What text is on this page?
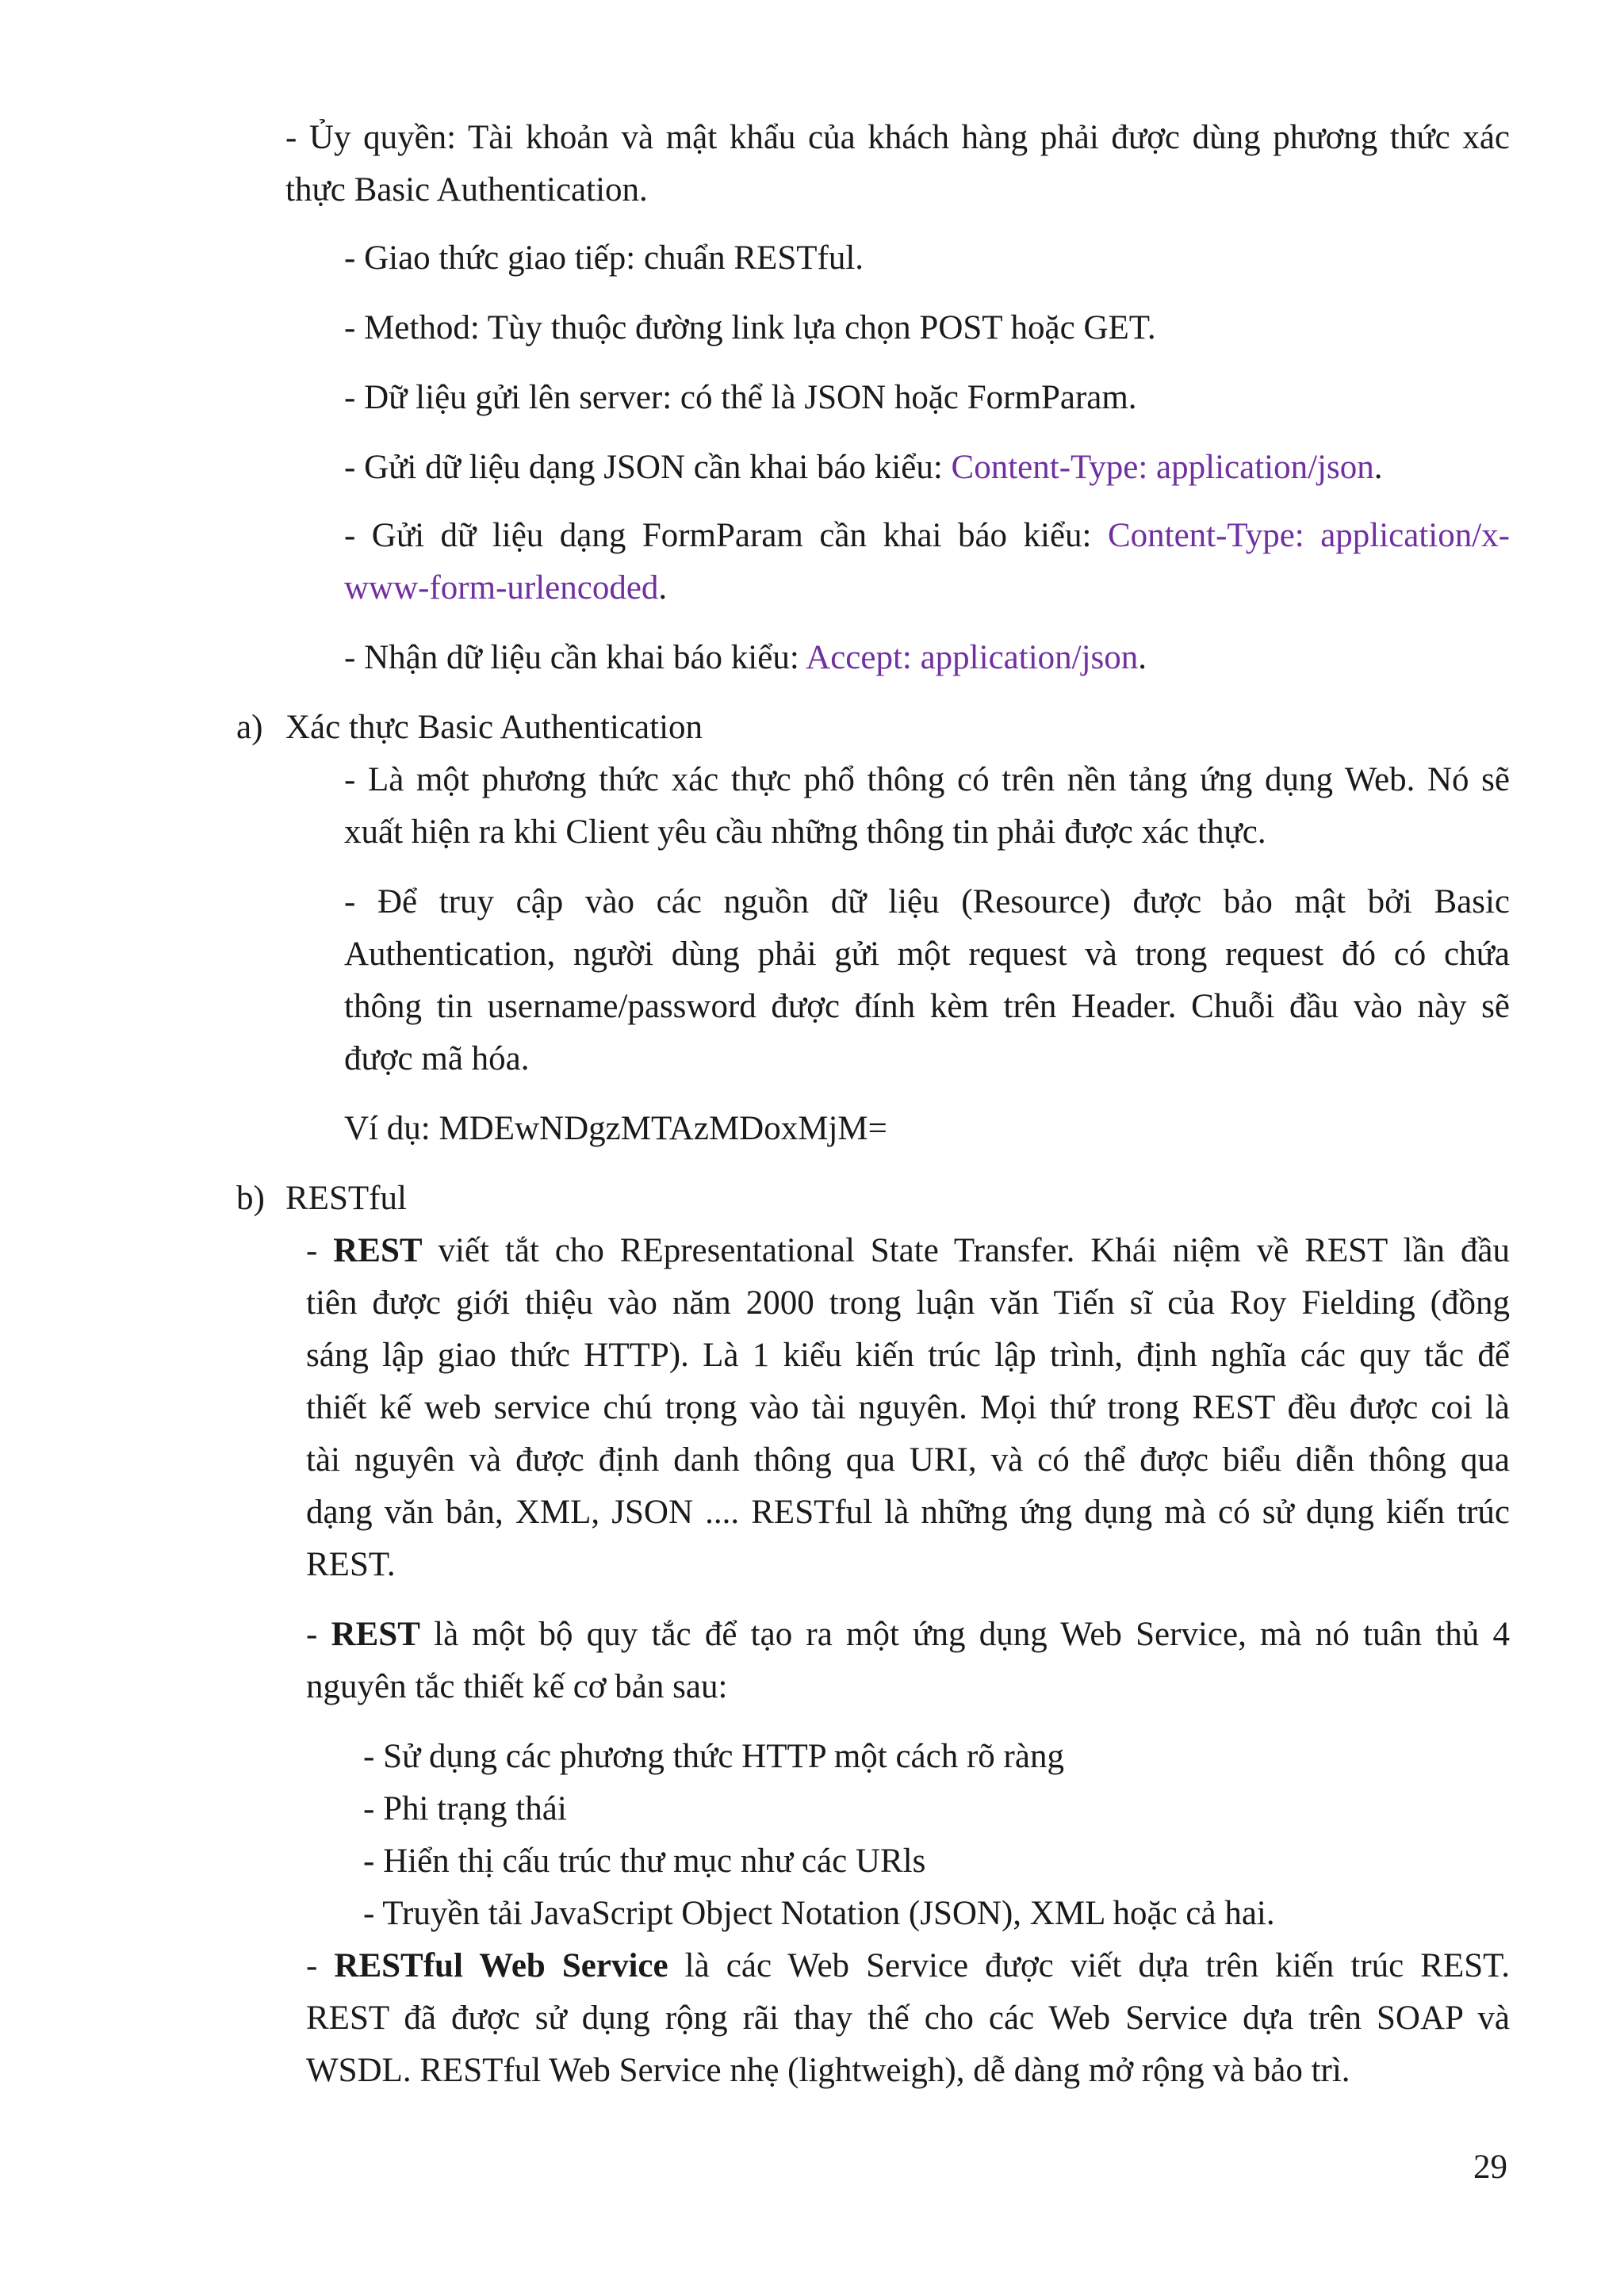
- Ủy quyền: Tài khoản và mật khẩu của khách hàng phải được dùng phương thức xác
thực Basic Authentication.
- Giao thức giao tiếp: chuẩn RESTful.
- Method: Tùy thuộc đường link lựa chọn POST hoặc GET.
- Dữ liệu gửi lên server: có thể là JSON hoặc FormParam.
- Gửi dữ liệu dạng JSON cần khai báo kiểu: Content-Type: application/json.
- Gửi dữ liệu dạng FormParam cần khai báo kiểu: Content-Type: application/x-
www-form-urlencoded.
- Nhận dữ liệu cần khai báo kiểu: Accept: application/json.
a) Xác thực Basic Authentication
- Là một phương thức xác thực phổ thông có trên nền tảng ứng dụng Web. Nó sẽ
xuất hiện ra khi Client yêu cầu những thông tin phải được xác thực.
- Để truy cập vào các nguồn dữ liệu (Resource) được bảo mật bởi Basic
Authentication, người dùng phải gửi một request và trong request đó có chứa
thông tin username/password được đính kèm trên Header. Chuỗi đầu vào này sẽ
được mã hóa.
Ví dụ: MDEwNDgzMTAzMDoxMjM=
b) RESTful
- REST viết tắt cho REpresentational State Transfer. Khái niệm về REST lần đầu
tiên được giới thiệu vào năm 2000 trong luận văn Tiến sĩ của Roy Fielding (đồng
sáng lập giao thức HTTP). Là 1 kiểu kiến trúc lập trình, định nghĩa các quy tắc để
thiết kế web service chú trọng vào tài nguyên. Mọi thứ trong REST đều được coi là
tài nguyên và được định danh thông qua URI, và có thể được biểu diễn thông qua
dạng văn bản, XML, JSON .... RESTful là những ứng dụng mà có sử dụng kiến trúc
REST.
- REST là một bộ quy tắc để tạo ra một ứng dụng Web Service, mà nó tuân thủ 4
nguyên tắc thiết kế cơ bản sau:
- Sử dụng các phương thức HTTP một cách rõ ràng
- Phi trạng thái
- Hiển thị cấu trúc thư mục như các URls
- Truyền tải JavaScript Object Notation (JSON), XML hoặc cả hai.
- RESTful Web Service là các Web Service được viết dựa trên kiến trúc REST.
REST đã được sử dụng rộng rãi thay thế cho các Web Service dựa trên SOAP và
WSDL. RESTful Web Service nhẹ (lightweigh), dễ dàng mở rộng và bảo trì.
29
